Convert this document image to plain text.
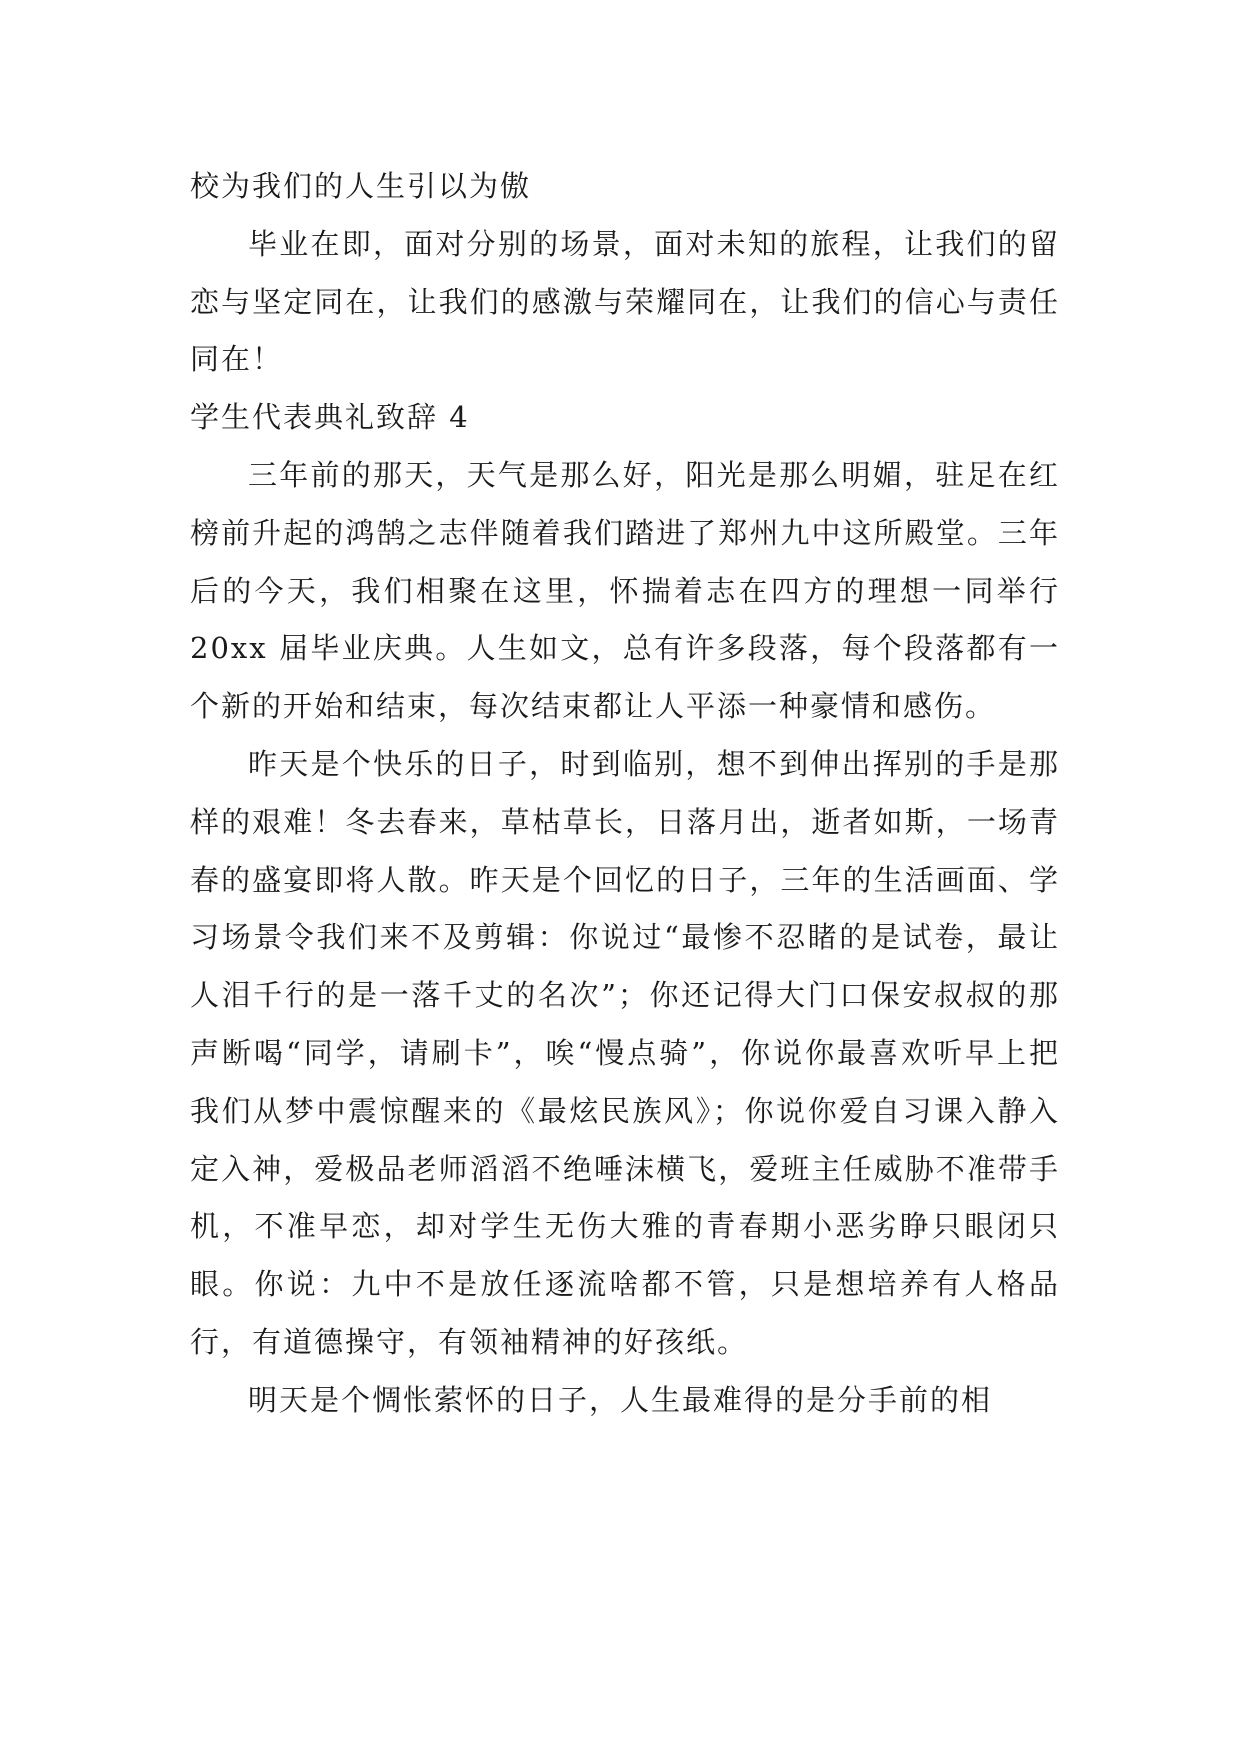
校为我们的人生引以为傲

毕业在即，面对分别的场景，面对未知的旅程，让我们的留恋与坚定同在，让我们的感激与荣耀同在，让我们的信心与责任同在！

学生代表典礼致辞 4

三年前的那天，天气是那么好，阳光是那么明媚，驻足在红榜前升起的鸿鹄之志伴随着我们踏进了郑州九中这所殿堂。三年后的今天，我们相聚在这里，怀揣着志在四方的理想一同举行 20xx 届毕业庆典。人生如文，总有许多段落，每个段落都有一个新的开始和结束，每次结束都让人平添一种豪情和感伤。

昨天是个快乐的日子，时到临别，想不到伸出挥别的手是那样的艰难！冬去春来，草枯草长，日落月出，逝者如斯，一场青春的盛宴即将人散。昨天是个回忆的日子，三年的生活画面、学习场景令我们来不及剪辑：你说过“最惨不忍睹的是试卷，最让人泪千行的是一落千丈的名次”；你还记得大门口保安叔叔的那声断喝“同学，请刷卡”，唉“慢点骑”，你说你最喜欢听早上把我们从梦中震惊醒来的《最炫民族风》；你说你爱自习课入静入定入神，爱极品老师滔滔不绝唾沫横飞，爱班主任威胁不准带手机，不准早恋，却对学生无伤大雅的青春期小恶劣睁只眼闭只眼。你说：九中不是放任逐流啥都不管，只是想培养有人格品行，有道德操守，有领袖精神的好孩纸。

明天是个惆怅萦怀的日子，人生最难得的是分手前的相
